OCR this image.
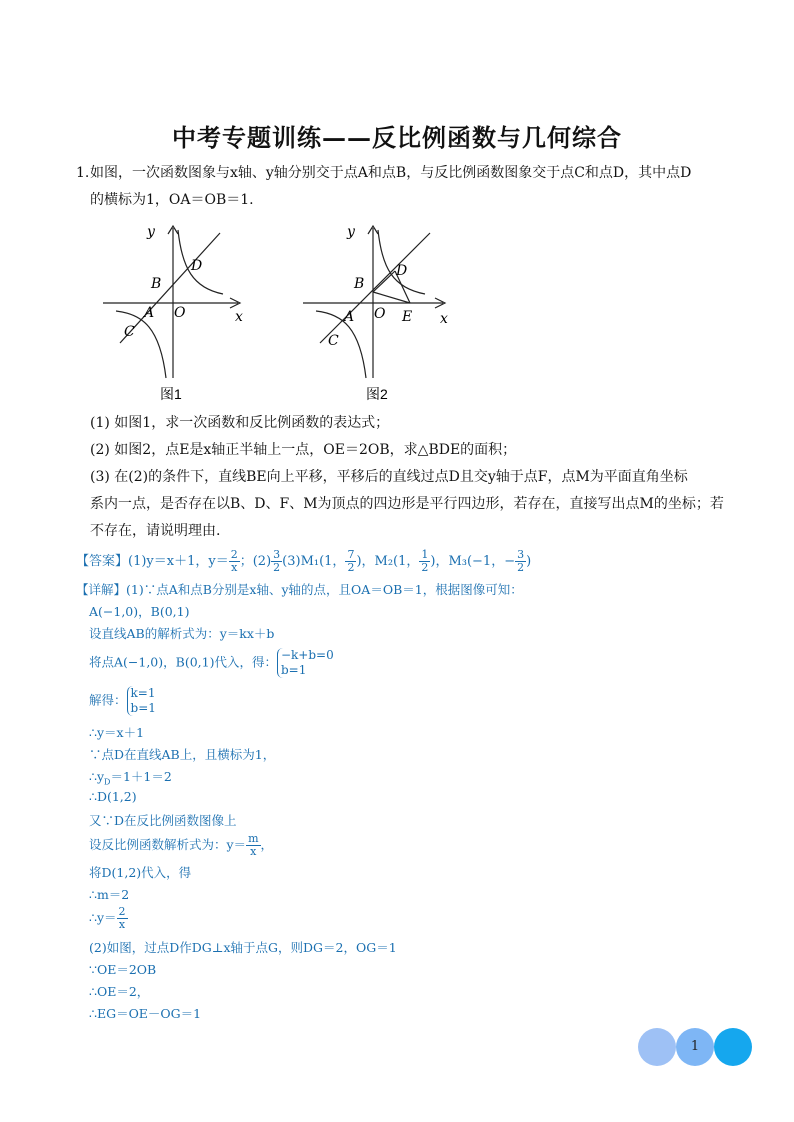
中考专题训练——反比例函数与几何综合
1.如图，一次函数图象与x轴、y轴分别交于点A和点B，与反比例函数图象交于点C和点D，其中点D
的横标为1，OA＝OB＝1.
y
x
B
D
A O
C
图1
y
x
B
D
A O E
C
图2
(1) 如图1，求一次函数和反比例函数的表达式；
(2) 如图2，点E是x轴正半轴上一点，OE＝2OB，求△BDE的面积；
(3) 在(2)的条件下，直线BE向上平移，平移后的直线过点D且交y轴于点F，点M为平面直角坐标
系内一点，是否存在以B、D、F、M为顶点的四边形是平行四边形，若存在，直接写出点M的坐标；若
不存在，请说明理由.
【答案】(1)y＝x＋1，$y= \frac{2}{x}$ ；$(2) \frac{3}{2} (3)M_1(1$， $\frac{7}{2}$ )，M₂(1， $\frac{1}{2}$ )，M₃(−1，− $\frac{3}{2}$ )
【详解】(1)∵点A和点B分别是x轴、y轴的点，且OA＝OB＝1，根据图像可知：
A(−1,0)，B(0,1)
设直线AB的解析式为：y＝kx＋b
将点A(−1,0)，B(0,1)代入，得： −k+b=0
b=1
解得： k=1
b=1
∴y＝x＋1
∵点D在直线AB上，且横标为1，
$\therefore y_D=1+1=2$
∴D(1,2)
又∵D在反比例函数图像上
设反比例函数解析式为：$y= \frac{m}{x}$ ，
将D(1,2)代入，得
∴m＝2
∴y＝ $\frac{2}{x}$
(2)如图，过点D作DG⊥x轴于点G，则DG＝2，OG＝1
∵OE＝2OB
∴OE＝2，
∴EG＝OE－OG＝1
1
